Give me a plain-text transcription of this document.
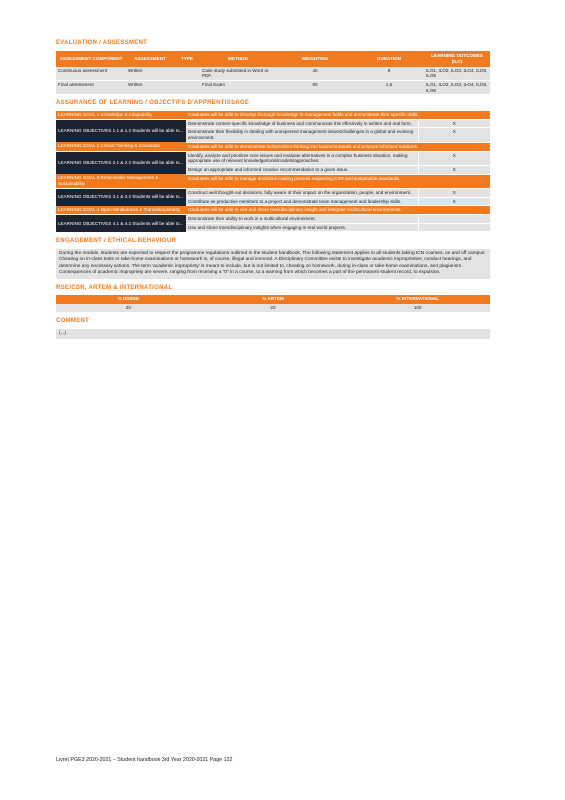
EVALUATION / ASSESSMENT
ASSESSMENT COMPONENT	ASSESSMENT	TYPE	METHOD	WEIGHTING	DURATION	LEARNING OUTCOMES (ILO)
Continuous assessment	Written		Case study submitted in Word or PDF.	40	9	ILO1, ILO2, ILO3, ILO4, ILO5, ILO6
Final assessment	Written		Final Exam	60	1.5	ILO1, ILO2, ILO3, ILO4, ILO5, ILO6
ASSURANCE OF LEARNING / OBJECTIFS D'APPRENTISSAGE
LEARNING GOAL 1 Knowledge & Adaptability	Graduates will be able to develop thorough knowledge in management fields and demonstrate their specific skills.	
LEARNING OBJECTIVES 1.1 & 1.2 Students will be able to...	Demonstrate context-specific knowledge of business and communicate this effectively in written and oral form.	X
	Demonstrate their flexibility in dealing with unexpected management issues/challenges in a global and evolving environment.	X
LEARNING GOAL 2 Critical Thinking & Innovation	Graduates will be able to demonstrate independent thinking into business issues and propose informed solutions.	
LEARNING OBJECTIVES 2.1 & 2.2 Students will be able to...	Identify, analyze and prioritize core issues and evaluate alternatives in a complex business situation, making appropriate use of relevant knowledge/tools/models/approaches.	X
	Design an appropriate and informed creative recommendation to a given issue.	X
LEARNING GOAL 3 Responsible Management & Sustainability	Graduates will be able to manage decisions making process respecting CSR and sustainable standards.	
LEARNING OBJECTIVES 3.1 & 3.2 Students will be able to...	Construct well thought-out decisions, fully aware of their impact on the organization, people, and environment.	X
	Contribute as productive members to a project and demonstrate team management and leadership skills.	X
LEARNING GOAL 4 Open-Mindedness & Transdisciplinarity	Graduates will be able to use and share transdisciplinary insight and integrate multicultural environments.	
LEARNING OBJECTIVES 4.1 & 4.2 Students will be able to...	Demonstrate their ability to work in a multicultural environment.	
	Use and share transdisciplinary insights when engaging in real world projects.	
ENGAGEMENT / ETHICAL BEHAVIOUR

During the module, students are expected to respect the programme regulations outlined in the student handbook. The following statement applies to all students taking ICN courses, on and off campus:

Cheating on in-class tests or take-home examinations or homework is, of course, illegal and immoral. A Disciplinary Committee exists to investigate academic improprieties, conduct hearings, and determine any necessary actions. The term 'academic impropriety' is meant to include, but is not limited to, cheating on homework, during in-class or take-home examinations, and plagiarism.

Consequences of academic impropriety are severe, ranging from receiving a "0" in a course, to a warning from which becomes a part of the permanent student record, to expulsion.

RSE/CSR, ARTEM & INTERNATIONAL
% DDRSE	% ARTEM	% INTERNATIONAL
20	20	100
COMMENT
(...)
Livret PGE3 2020-2021 – Student handbook 3rd Year 2020-2021 Page 122
